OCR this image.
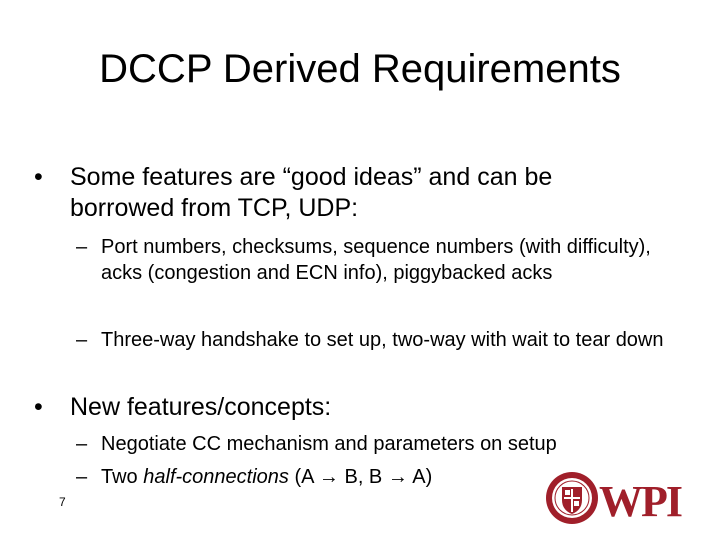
DCCP Derived Requirements
• Some features are “good ideas” and can be borrowed from TCP, UDP:
– Port numbers, checksums, sequence numbers (with difficulty), acks (congestion and ECN info), piggybacked acks
– Three-way handshake to set up, two-way with wait to tear down
• New features/concepts:
– Negotiate CC mechanism and parameters on setup
– Two half-connections (A → B, B → A)
7	WPI
